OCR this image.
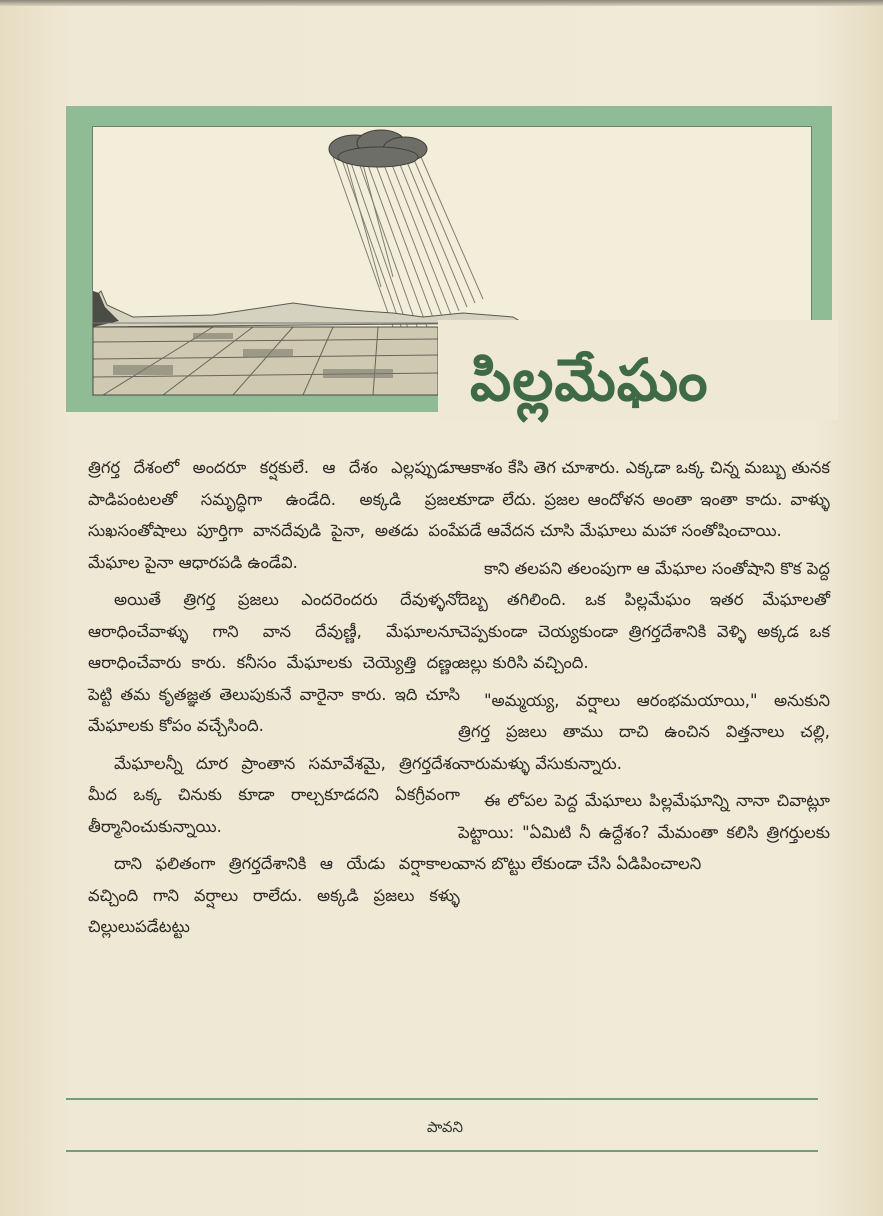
పిల్లమేఘం

త్రిగర్త దేశంలో అందరూ కర్షకులే. ఆ దేశం ఎల్లప్పుడూ పాడిపంటలతో సమృద్ధిగా ఉండేది. అక్కడి ప్రజల సుఖసంతోషాలు పూర్తిగా వానదేవుడి పైనా, అతడు పంపే మేఘాల పైనా ఆధారపడి ఉండేవి.

అయితే త్రిగర్త ప్రజలు ఎందరెందరు దేవుళ్ళనో ఆరాధించేవాళ్ళు గాని వాన దేవుణ్ణీ, మేఘాలనూ ఆరాధించేవారు కారు. కనీసం మేఘాలకు చెయ్యెత్తి దణ్ణం పెట్టి తమ కృతజ్ఞత తెలుపుకునే వారైనా కారు. ఇది చూసి మేఘాలకు కోపం వచ్చేసింది.

మేఘాలన్నీ దూర ప్రాంతాన సమావేశమై, త్రిగర్తదేశం మీద ఒక్క చినుకు కూడా రాల్చకూడదని ఏకగ్రీవంగా తీర్మానించుకున్నాయి.

దాని ఫలితంగా త్రిగర్తదేశానికి ఆ యేడు వర్షాకాలం వచ్చింది గాని వర్షాలు రాలేదు. అక్కడి ప్రజలు కళ్ళు చిల్లులుపడేటట్టు

ఆకాశం కేసి తెగ చూశారు. ఎక్కడా ఒక్క చిన్న మబ్బు తునక కూడా లేదు. ప్రజల ఆందోళన అంతా ఇంతా కాదు. వాళ్ళు పడే ఆవేదన చూసి మేఘాలు మహా సంతోషించాయి.

కాని తలపని తలంపుగా ఆ మేఘాల సంతోషాని కొక పెద్ద దెబ్బ తగిలింది. ఒక పిల్లమేఘం ఇతర మేఘాలతో చెప్పకుండా చెయ్యకుండా త్రిగర్తదేశానికి వెళ్ళి అక్కడ ఒక జల్లు కురిసి వచ్చింది.

"అమ్మయ్య, వర్షాలు ఆరంభమయాయి," అనుకుని త్రిగర్త ప్రజలు తాము దాచి ఉంచిన విత్తనాలు చల్లి, నారుమళ్ళు వేసుకున్నారు.

ఈ లోపల పెద్ద మేఘాలు పిల్లమేఘాన్ని నానా చివాట్లూ పెట్టాయి: "ఏమిటి నీ ఉద్దేశం? మేమంతా కలిసి త్రిగర్తులకు వాన బొట్టు లేకుండా చేసి ఏడిపించాలని

పావని
